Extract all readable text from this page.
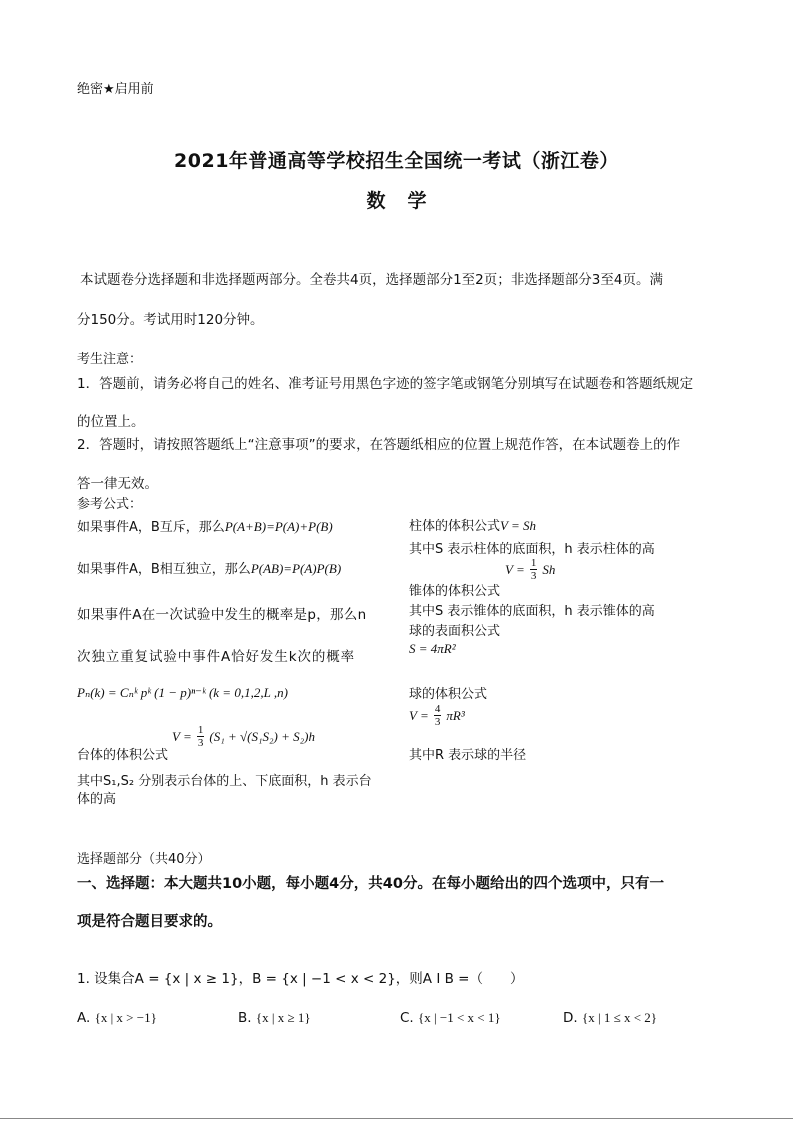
绝密★启用前
2021年普通高等学校招生全国统一考试（浙江卷）
数学
本试题卷分选择题和非选择题两部分。全卷共4页，选择题部分1至2页；非选择题部分3至4页。满
分150分。考试用时120分钟。
考生注意：
1．答题前，请务必将自己的姓名、准考证号用黑色字迹的签字笔或钢笔分别填写在试题卷和答题纸规定
的位置上。
2．答题时，请按照答题纸上“注意事项”的要求，在答题纸相应的位置上规范作答，在本试题卷上的作
答一律无效。
参考公式：
如果事件A，B互斥，那么P(A+B)=P(A)+P(B)
如果事件A，B相互独立，那么P(AB)=P(A)P(B)
如果事件A在一次试验中发生的概率是p，那么n
次独立重复试验中事件A恰好发生k次的概率
Pₙ(k) = Cₙᵏ pᵏ (1 − p)ⁿ⁻ᵏ (k = 0,1,2,L ,n)
台体的体积公式
$V = \frac{1}{3} (S_1 + √(S_1S_2) + S_2)h$
其中S₁,S₂ 分别表示台体的上、下底面积，h 表示台
体的高
柱体的体积公式V = Sh
其中S 表示柱体的底面积，h 表示柱体的高
$V = \frac{1}{3}$ Sh
锥体的体积公式
其中S 表示锥体的底面积，h 表示锥体的高
球的表面积公式
S = 4πR²
球的体积公式
$V = \frac{4}{3} \pi R^3$
其中R 表示球的半径
选择题部分（共40分）
一、选择题：本大题共10小题，每小题4分，共40分。在每小题给出的四个选项中，只有一
项是符合题目要求的。
1. 设集合A = {x | x ≥ 1}，B = {x | −1 < x < 2}，则A I B =（　　）
A. {x | x > −1}	B. {x | x ≥ 1}	C. {x | −1 < x < 1}	D. {x | 1 ≤ x < 2}
